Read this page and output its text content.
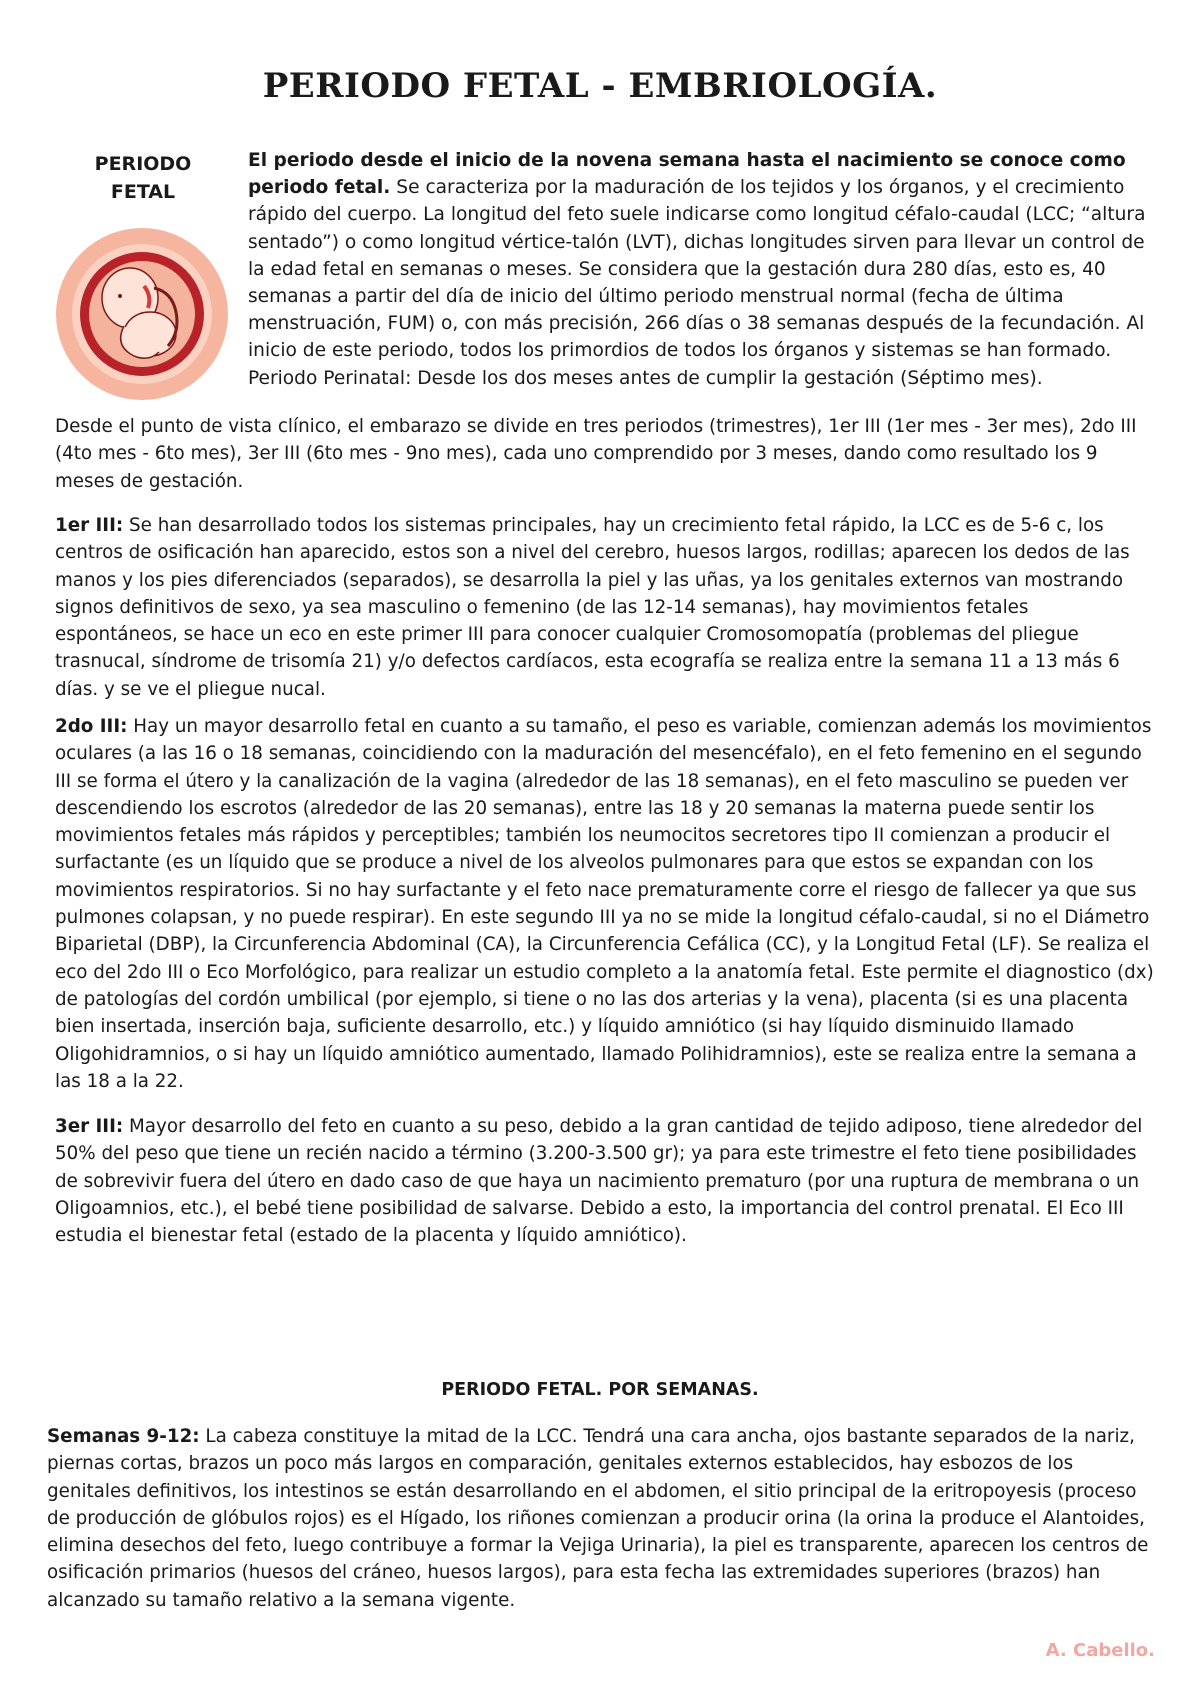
PERIODO FETAL - EMBRIOLOGÍA.
PERIODO FETAL

El periodo desde el inicio de la novena semana hasta el nacimiento se conoce como periodo fetal. Se caracteriza por la maduración de los tejidos y los órganos, y el crecimiento rápido del cuerpo. La longitud del feto suele indicarse como longitud céfalo-caudal (LCC; “altura sentado”) o como longitud vértice-talón (LVT), dichas longitudes sirven para llevar un control de la edad fetal en semanas o meses. Se considera que la gestación dura 280 días, esto es, 40 semanas a partir del día de inicio del último periodo menstrual normal (fecha de última menstruación, FUM) o, con más precisión, 266 días o 38 semanas después de la fecundación. Al inicio de este periodo, todos los primordios de todos los órganos y sistemas se han formado. Periodo Perinatal: Desde los dos meses antes de cumplir la gestación (Séptimo mes).

Desde el punto de vista clínico, el embarazo se divide en tres periodos (trimestres), 1er III (1er mes - 3er mes), 2do III (4to mes - 6to mes), 3er III (6to mes - 9no mes), cada uno comprendido por 3 meses, dando como resultado los 9 meses de gestación.

1er III: Se han desarrollado todos los sistemas principales, hay un crecimiento fetal rápido, la LCC es de 5-6 c, los centros de osificación han aparecido, estos son a nivel del cerebro, huesos largos, rodillas; aparecen los dedos de las manos y los pies diferenciados (separados), se desarrolla la piel y las uñas, ya los genitales externos van mostrando signos definitivos de sexo, ya sea masculino o femenino (de las 12-14 semanas), hay movimientos fetales espontáneos, se hace un eco en este primer III para conocer cualquier Cromosomopatía (problemas del pliegue trasnucal, síndrome de trisomía 21) y/o defectos cardíacos, esta ecografía se realiza entre la semana 11 a 13 más 6 días. y se ve el pliegue nucal.

2do III: Hay un mayor desarrollo fetal en cuanto a su tamaño, el peso es variable, comienzan además los movimientos oculares (a las 16 o 18 semanas, coincidiendo con la maduración del mesencéfalo), en el feto femenino en el segundo III se forma el útero y la canalización de la vagina (alrededor de las 18 semanas), en el feto masculino se pueden ver descendiendo los escrotos (alrededor de las 20 semanas), entre las 18 y 20 semanas la materna puede sentir los movimientos fetales más rápidos y perceptibles; también los neumocitos secretores tipo II comienzan a producir el surfactante (es un líquido que se produce a nivel de los alveolos pulmonares para que estos se expandan con los movimientos respiratorios. Si no hay surfactante y el feto nace prematuramente corre el riesgo de fallecer ya que sus pulmones colapsan, y no puede respirar). En este segundo III ya no se mide la longitud céfalo-caudal, si no el Diámetro Biparietal (DBP), la Circunferencia Abdominal (CA), la Circunferencia Cefálica (CC), y la Longitud Fetal (LF). Se realiza el eco del 2do III o Eco Morfológico, para realizar un estudio completo a la anatomía fetal. Este permite el diagnostico (dx) de patologías del cordón umbilical (por ejemplo, si tiene o no las dos arterias y la vena), placenta (si es una placenta bien insertada, inserción baja, suficiente desarrollo, etc.) y líquido amniótico (si hay líquido disminuido llamado Oligohidramnios, o si hay un líquido amniótico aumentado, llamado Polihidramnios), este se realiza entre la semana a las 18 a la 22.

3er III: Mayor desarrollo del feto en cuanto a su peso, debido a la gran cantidad de tejido adiposo, tiene alrededor del 50% del peso que tiene un recién nacido a término (3.200-3.500 gr); ya para este trimestre el feto tiene posibilidades de sobrevivir fuera del útero en dado caso de que haya un nacimiento prematuro (por una ruptura de membrana o un Oligoamnios, etc.), el bebé tiene posibilidad de salvarse. Debido a esto, la importancia del control prenatal. El Eco III estudia el bienestar fetal (estado de la placenta y líquido amniótico).

PERIODO FETAL. POR SEMANAS.

Semanas 9-12: La cabeza constituye la mitad de la LCC. Tendrá una cara ancha, ojos bastante separados de la nariz, piernas cortas, brazos un poco más largos en comparación, genitales externos establecidos, hay esbozos de los genitales definitivos, los intestinos se están desarrollando en el abdomen, el sitio principal de la eritropoyesis (proceso de producción de glóbulos rojos) es el Hígado, los riñones comienzan a producir orina (la orina la produce el Alantoides, elimina desechos del feto, luego contribuye a formar la Vejiga Urinaria), la piel es transparente, aparecen los centros de osificación primarios (huesos del cráneo, huesos largos), para esta fecha las extremidades superiores (brazos) han alcanzado su tamaño relativo a la semana vigente.

A. Cabello.
